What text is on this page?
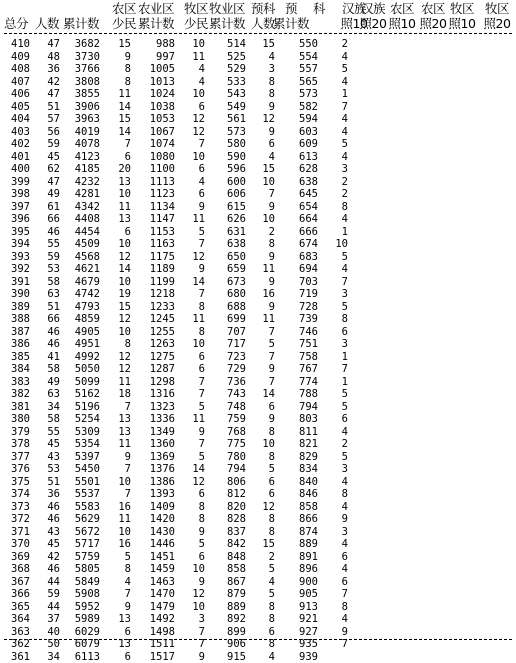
农区 农业区 牧区 牧业区 预科 预 科 汉族
汉族 农区 农区 牧区 牧区
总分 人数 累计数 少民 累计数 少民 累计数 人数
累计数	照10
照20 照10 照20 照10 照20
410 47 3682 15 988 10 514 15 550 2
409 48 3730 9 997 11 525 4 554 4
408 36 3766 8 1005 4 529 3 557 5
407 42 3808 8 1013 4 533 8 565 4
406 47 3855 11 1024 10 543 8 573 1
405 51 3906 14 1038 6 549 9 582 7
404 57 3963 15 1053 12 561 12 594 4
403 56 4019 14 1067 12 573 9 603 4
402 59 4078 7 1074 7 580 6 609 5
401 45 4123 6 1080 10 590 4 613 4
400 62 4185 20 1100 6 596 15 628 3
399 47 4232 13 1113 4 600 10 638 2
398 49 4281 10 1123 6 606 7 645 2
397 61 4342 11 1134 9 615 9 654 8
396 66 4408 13 1147 11 626 10 664 4
395 46 4454 6 1153 5 631 2 666 1
394 55 4509 10 1163 7 638 8 674 10
393 59 4568 12 1175 12 650 9 683 5
392 53 4621 14 1189 9 659 11 694 4
391 58 4679 10 1199 14 673 9 703 7
390 63 4742 19 1218 7 680 16 719 3
389 51 4793 15 1233 8 688 9 728 5
388 66 4859 12 1245 11 699 11 739 8
387 46 4905 10 1255 8 707 7 746 6
386 46 4951 8 1263 10 717 5 751 3
385 41 4992 12 1275 6 723 7 758 1
384 58 5050 12 1287 6 729 9 767 7
383 49 5099 11 1298 7 736 7 774 1
382 63 5162 18 1316 7 743 14 788 5
381 34 5196 7 1323 5 748 6 794 5
380 58 5254 13 1336 11 759 9 803 6
379 55 5309 13 1349 9 768 8 811 4
378 45 5354 11 1360 7 775 10 821 2
377 43 5397 9 1369 5 780 8 829 5
376 53 5450 7 1376 14 794 5 834 3
375 51 5501 10 1386 12 806 6 840 4
374 36 5537 7 1393 6 812 6 846 8
373 46 5583 16 1409 8 820 12 858 4
372 46 5629 11 1420 8 828 8 866 9
371 43 5672 10 1430 9 837 8 874 3
370 45 5717 16 1446 5 842 15 889 4
369 42 5759 5 1451 6 848 2 891 6
368 46 5805 8 1459 10 858 5 896 4
367 44 5849 4 1463 9 867 4 900 6
366 59 5908 7 1470 12 879 5 905 7
365 44 5952 9 1479 10 889 8 913 8
364 37 5989 13 1492 3 892 8 921 4
363 40 6029 6 1498 7 899 6 927 9
362 50 6079 13 1511 7 906 8 935 7
361 34 6113 6 1517 9 915 4 939
